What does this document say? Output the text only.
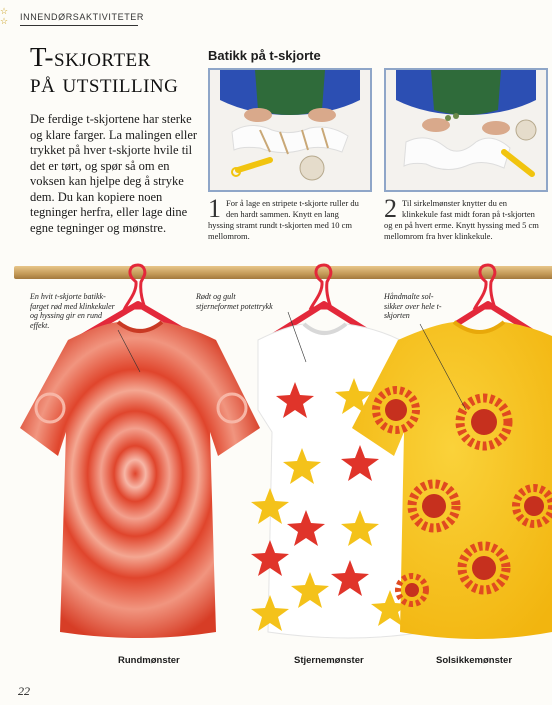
☆
☆	INNENDØRSAKTIVITETER
T-skjorter
på utstilling
De ferdige t-skjortene har sterke og klare farger. La malingen eller trykket på hver t-skjorte hvile til det er tørt, og spør så om en voksen kan hjelpe deg å stryke dem. Du kan kopiere noen tegninger herfra, eller lage dine egne tegninger og mønstre.
Batikk på t-skjorte
1 For å lage en stripete t-skjorte ruller du den hardt sammen. Knytt en lang hyssing stramt rundt t-skjorten med 10 cm mellomrom.
2 Til sirkelmønster knytter du en klinkekule fast midt foran på t-skjorten og en på hvert erme. Knytt hyssing med 5 cm mellomrom fra hver klinkekule.
En hvit t-skjorte batikk-farget rød med klinkekuler og hyssing gir en rund effekt.
Rødt og gult stjerneformet potettrykk
Håndmalte sol-sikker over hele t-skjorten
Rundmønster	Stjernemønster	Solsikkemønster
22
